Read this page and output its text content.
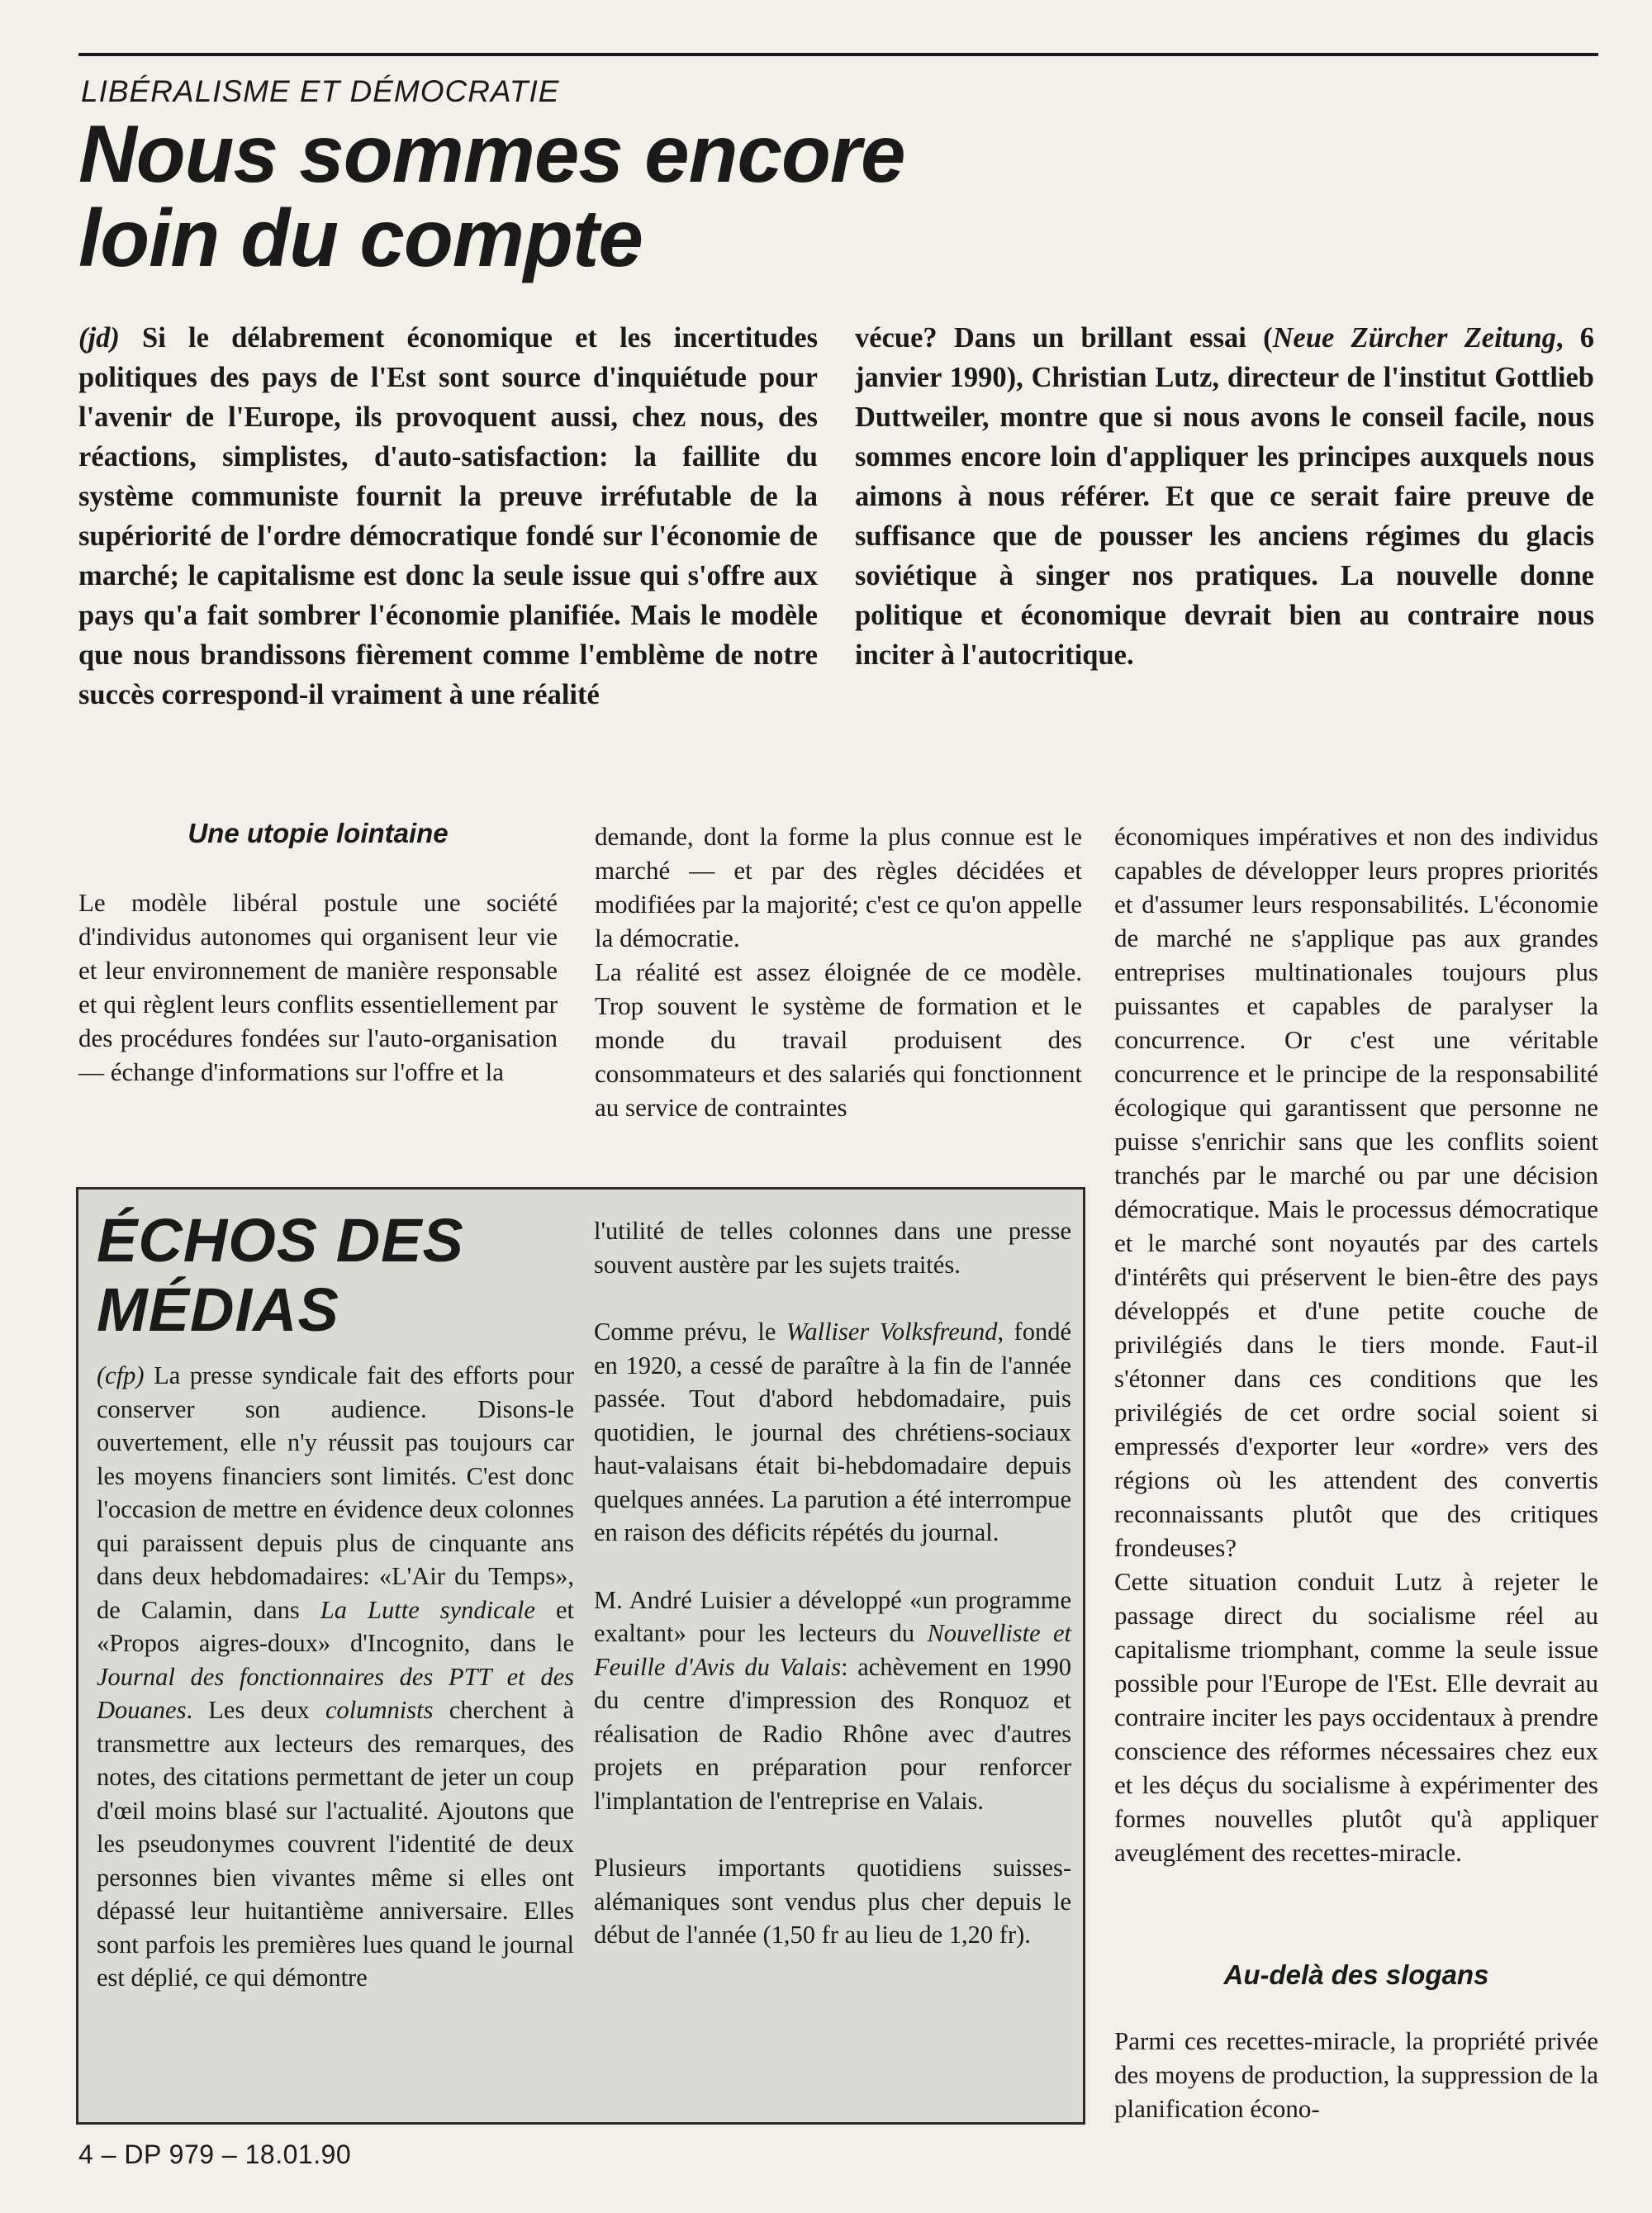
LIBÉRALISME ET DÉMOCRATIE
Nous sommes encore
loin du compte
(jd) Si le délabrement économique et les incertitudes politiques des pays de l'Est sont source d'inquiétude pour l'avenir de l'Europe, ils provoquent aussi, chez nous, des réactions, simplistes, d'auto-satisfaction: la faillite du système communiste fournit la preuve irréfutable de la supériorité de l'ordre démocratique fondé sur l'économie de marché; le capitalisme est donc la seule issue qui s'offre aux pays qu'a fait sombrer l'économie planifiée. Mais le modèle que nous brandissons fièrement comme l'emblème de notre succès correspond-il vraiment à une réalité
vécue? Dans un brillant essai (Neue Zürcher Zeitung, 6 janvier 1990), Christian Lutz, directeur de l'institut Gottlieb Duttweiler, montre que si nous avons le conseil facile, nous sommes encore loin d'appliquer les principes auxquels nous aimons à nous référer. Et que ce serait faire preuve de suffisance que de pousser les anciens régimes du glacis soviétique à singer nos pratiques. La nouvelle donne politique et économique devrait bien au contraire nous inciter à l'autocritique.
Une utopie lointaine

Le modèle libéral postule une société d'individus autonomes qui organisent leur vie et leur environnement de manière responsable et qui règlent leurs conflits essentiellement par des procédures fondées sur l'auto-organisation — échange d'informations sur l'offre et la

demande, dont la forme la plus connue est le marché — et par des règles décidées et modifiées par la majorité; c'est ce qu'on appelle la démocratie.

La réalité est assez éloignée de ce modèle. Trop souvent le système de formation et le monde du travail produisent des consommateurs et des salariés qui fonctionnent au service de contraintes

économiques impératives et non des individus capables de développer leurs propres priorités et d'assumer leurs responsabilités. L'économie de marché ne s'applique pas aux grandes entreprises multinationales toujours plus puissantes et capables de paralyser la concurrence. Or c'est une véritable concurrence et le principe de la responsabilité écologique qui garantissent que personne ne puisse s'enrichir sans que les conflits soient tranchés par le marché ou par une décision démocratique. Mais le processus démocratique et le marché sont noyautés par des cartels d'intérêts qui préservent le bien-être des pays développés et d'une petite couche de privilégiés dans le tiers monde. Faut-il s'étonner dans ces conditions que les privilégiés de cet ordre social soient si empressés d'exporter leur «ordre» vers des régions où les attendent des convertis reconnaissants plutôt que des critiques frondeuses?

Cette situation conduit Lutz à rejeter le passage direct du socialisme réel au capitalisme triomphant, comme la seule issue possible pour l'Europe de l'Est. Elle devrait au contraire inciter les pays occidentaux à prendre conscience des réformes nécessaires chez eux et les déçus du socialisme à expérimenter des formes nouvelles plutôt qu'à appliquer aveuglément des recettes-miracle.

Au-delà des slogans

Parmi ces recettes-miracle, la propriété privée des moyens de production, la suppression de la planification écono-

ÉCHOS DES
MÉDIAS

(cfp) La presse syndicale fait des efforts pour conserver son audience. Disons-le ouvertement, elle n'y réussit pas toujours car les moyens financiers sont limités. C'est donc l'occasion de mettre en évidence deux colonnes qui paraissent depuis plus de cinquante ans dans deux hebdomadaires: «L'Air du Temps», de Calamin, dans La Lutte syndicale et «Propos aigres-doux» d'Incognito, dans le Journal des fonctionnaires des PTT et des Douanes. Les deux columnists cherchent à transmettre aux lecteurs des remarques, des notes, des citations permettant de jeter un coup d'œil moins blasé sur l'actualité. Ajoutons que les pseudonymes couvrent l'identité de deux personnes bien vivantes même si elles ont dépassé leur huitantième anniversaire. Elles sont parfois les premières lues quand le journal est déplié, ce qui démontre

l'utilité de telles colonnes dans une presse souvent austère par les sujets traités.

Comme prévu, le Walliser Volksfreund, fondé en 1920, a cessé de paraître à la fin de l'année passée. Tout d'abord hebdomadaire, puis quotidien, le journal des chrétiens-sociaux haut-valaisans était bi-hebdomadaire depuis quelques années. La parution a été interrompue en raison des déficits répétés du journal.

M. André Luisier a développé «un programme exaltant» pour les lecteurs du Nouvelliste et Feuille d'Avis du Valais: achèvement en 1990 du centre d'impression des Ronquoz et réalisation de Radio Rhône avec d'autres projets en préparation pour renforcer l'implantation de l'entreprise en Valais.

Plusieurs importants quotidiens suisses-alémaniques sont vendus plus cher depuis le début de l'année (1,50 fr au lieu de 1,20 fr).

4 – DP 979 – 18.01.90
